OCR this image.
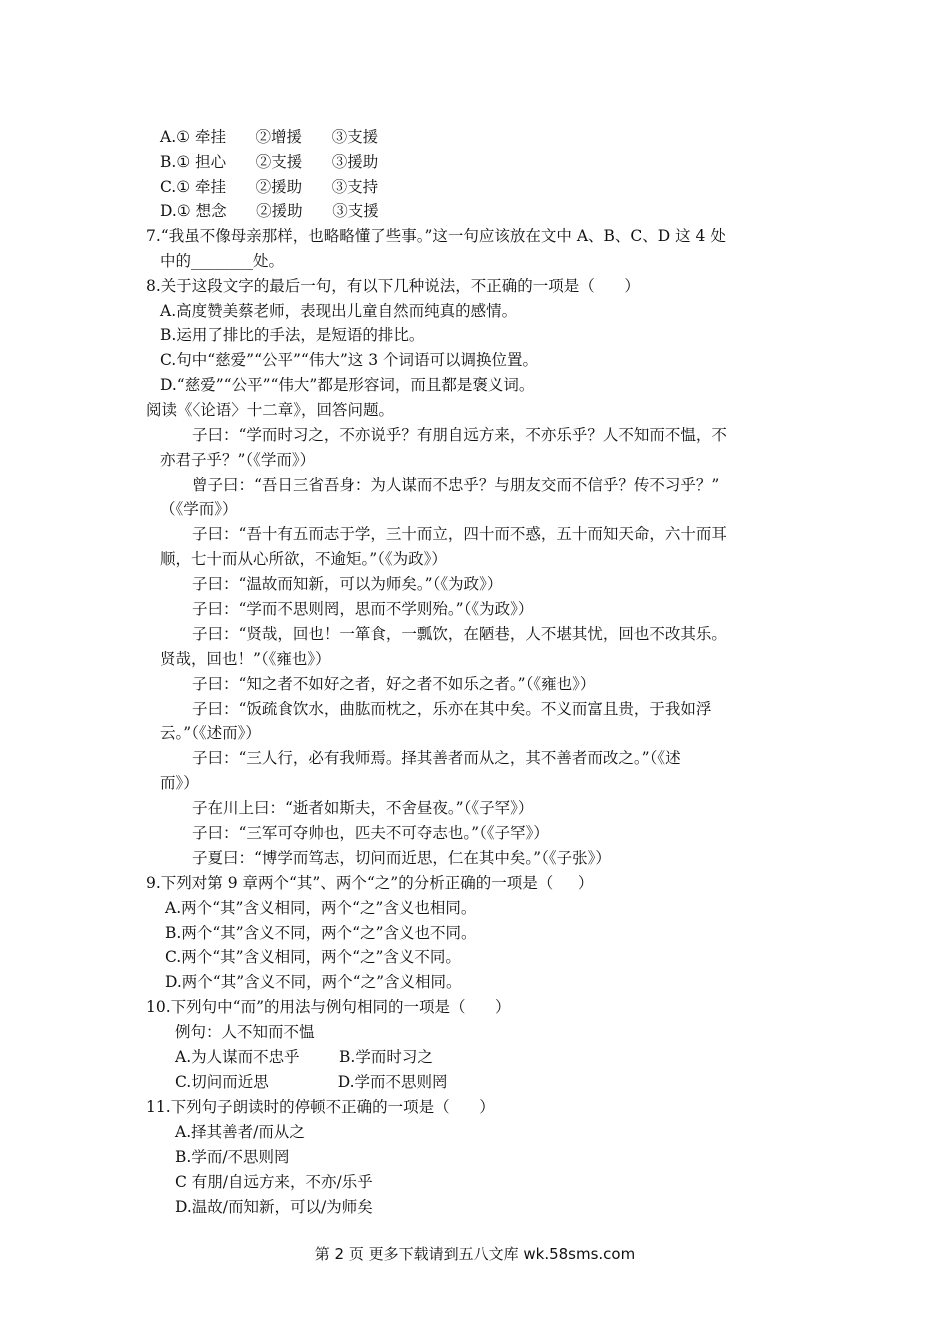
A.① 牵挂      ②增援      ③支援
B.① 担心      ②支援      ③援助
C.① 牵挂      ②援助      ③支持
D.① 想念      ②援助      ③支援
7.“我虽不像母亲那样，也略略懂了些事。”这一句应该放在文中 A、B、C、D 这 4 处
中的________处。
8.关于这段文字的最后一句，有以下几种说法，不正确的一项是（      ）
A.高度赞美蔡老师，表现出儿童自然而纯真的感情。
B.运用了排比的手法，是短语的排比。
C.句中“慈爱”“公平”“伟大”这 3 个词语可以调换位置。
D.“慈爱”“公平”“伟大”都是形容词，而且都是褒义词。
阅读《〈论语〉十二章》，回答问题。
子曰：“学而时习之，不亦说乎？有朋自远方来，不亦乐乎？人不知而不愠，不
亦君子乎？”（《学而》）
曾子曰：“吾日三省吾身：为人谋而不忠乎？与朋友交而不信乎？传不习乎？”
（《学而》）
子曰：“吾十有五而志于学，三十而立，四十而不惑，五十而知天命，六十而耳
顺，七十而从心所欲，不逾矩。”（《为政》）
子曰：“温故而知新，可以为师矣。”（《为政》）
子曰：“学而不思则罔，思而不学则殆。”（《为政》）
子曰：“贤哉，回也！一箪食，一瓢饮，在陋巷，人不堪其忧，回也不改其乐。
贤哉，回也！”（《雍也》）
子曰：“知之者不如好之者，好之者不如乐之者。”（《雍也》）
子曰：“饭疏食饮水，曲肱而枕之，乐亦在其中矣。不义而富且贵，于我如浮
云。”（《述而》）
子曰：“三人行，必有我师焉。择其善者而从之，其不善者而改之。”（《述
而》）
子在川上曰：“逝者如斯夫，不舍昼夜。”（《子罕》）
子曰：“三军可夺帅也，匹夫不可夺志也。”（《子罕》）
子夏曰：“博学而笃志，切问而近思，仁在其中矣。”（《子张》）
9.下列对第 9 章两个“其”、两个“之”的分析正确的一项是（     ）
A.两个“其”含义相同，两个“之”含义也相同。
B.两个“其”含义不同，两个“之”含义也不同。
C.两个“其”含义相同，两个“之”含义不同。
D.两个“其”含义不同，两个“之”含义相同。
10.下列句中“而”的用法与例句相同的一项是（      ）
例句：人不知而不愠
A.为人谋而不忠乎        B.学而时习之
C.切问而近思              D.学而不思则罔
11.下列句子朗读时的停顿不正确的一项是（      ）
A.择其善者/而从之
B.学而/不思则罔
C 有朋/自远方来，不亦/乐乎
D.温故/而知新，可以/为师矣
第 2 页 更多下载请到五八文库 wk.58sms.com
